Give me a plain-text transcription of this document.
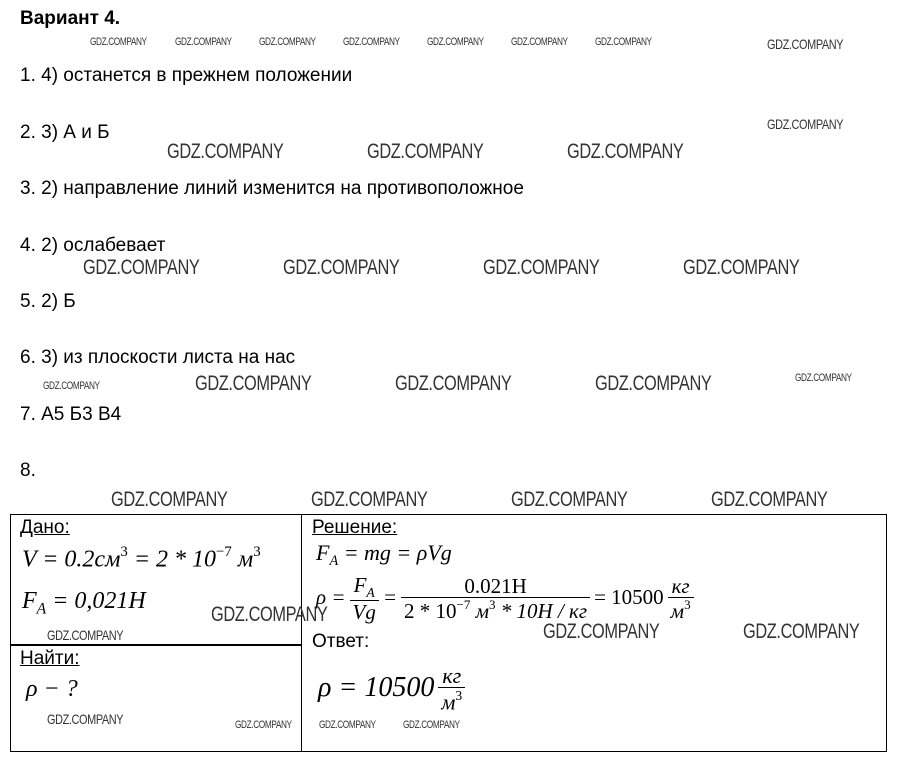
Вариант 4.
1. 4) останется в прежнем положении
2. 3) А и Б
3. 2) направление линий изменится на противоположное
4. 2) ослабевает
5. 2) Б
6. 3) из плоскости листа на нас
7. А5 Б3 В4
8.
GDZ.COMPANY	GDZ.COMPANY GDZ.COMPANY GDZ.COMPANY GDZ.COMPANY GDZ.COMPANY GDZ.COMPANY	GDZ.COMPANY
GDZ.COMPANY
GDZ.COMPANY	GDZ.COMPANY	GDZ.COMPANY
GDZ.COMPANY	GDZ.COMPANY	GDZ.COMPANY	GDZ.COMPANY
GDZ.COMPANY	GDZ.COMPANY	GDZ.COMPANY	GDZ.COMPANY	GDZ.COMPANY
GDZ.COMPANY	GDZ.COMPANY	GDZ.COMPANY	GDZ.COMPANY
Дано:
$V = 0.2см^3 = 2 * 10^{-7}$ $м^3$
$F_A = 0,021H$
GDZ.COMPANY
GDZ.COMPANY
Найти:
ρ − ?
GDZ.COMPANY	GDZ.COMPANY
Решение:
$F_A$ = mg = ρVg
$\rho = \frac{F_A}{Vg} = \frac{0.021H}{2 * 10^{-7} м^3 * 10H / кг} = 10500 \frac{кг}{м^3}$
GDZ.COMPANY	GDZ.COMPANY
Ответ:
$\rho = 10500 \frac{кг}{м^3}$
GDZ.COMPANY GDZ.COMPANY
